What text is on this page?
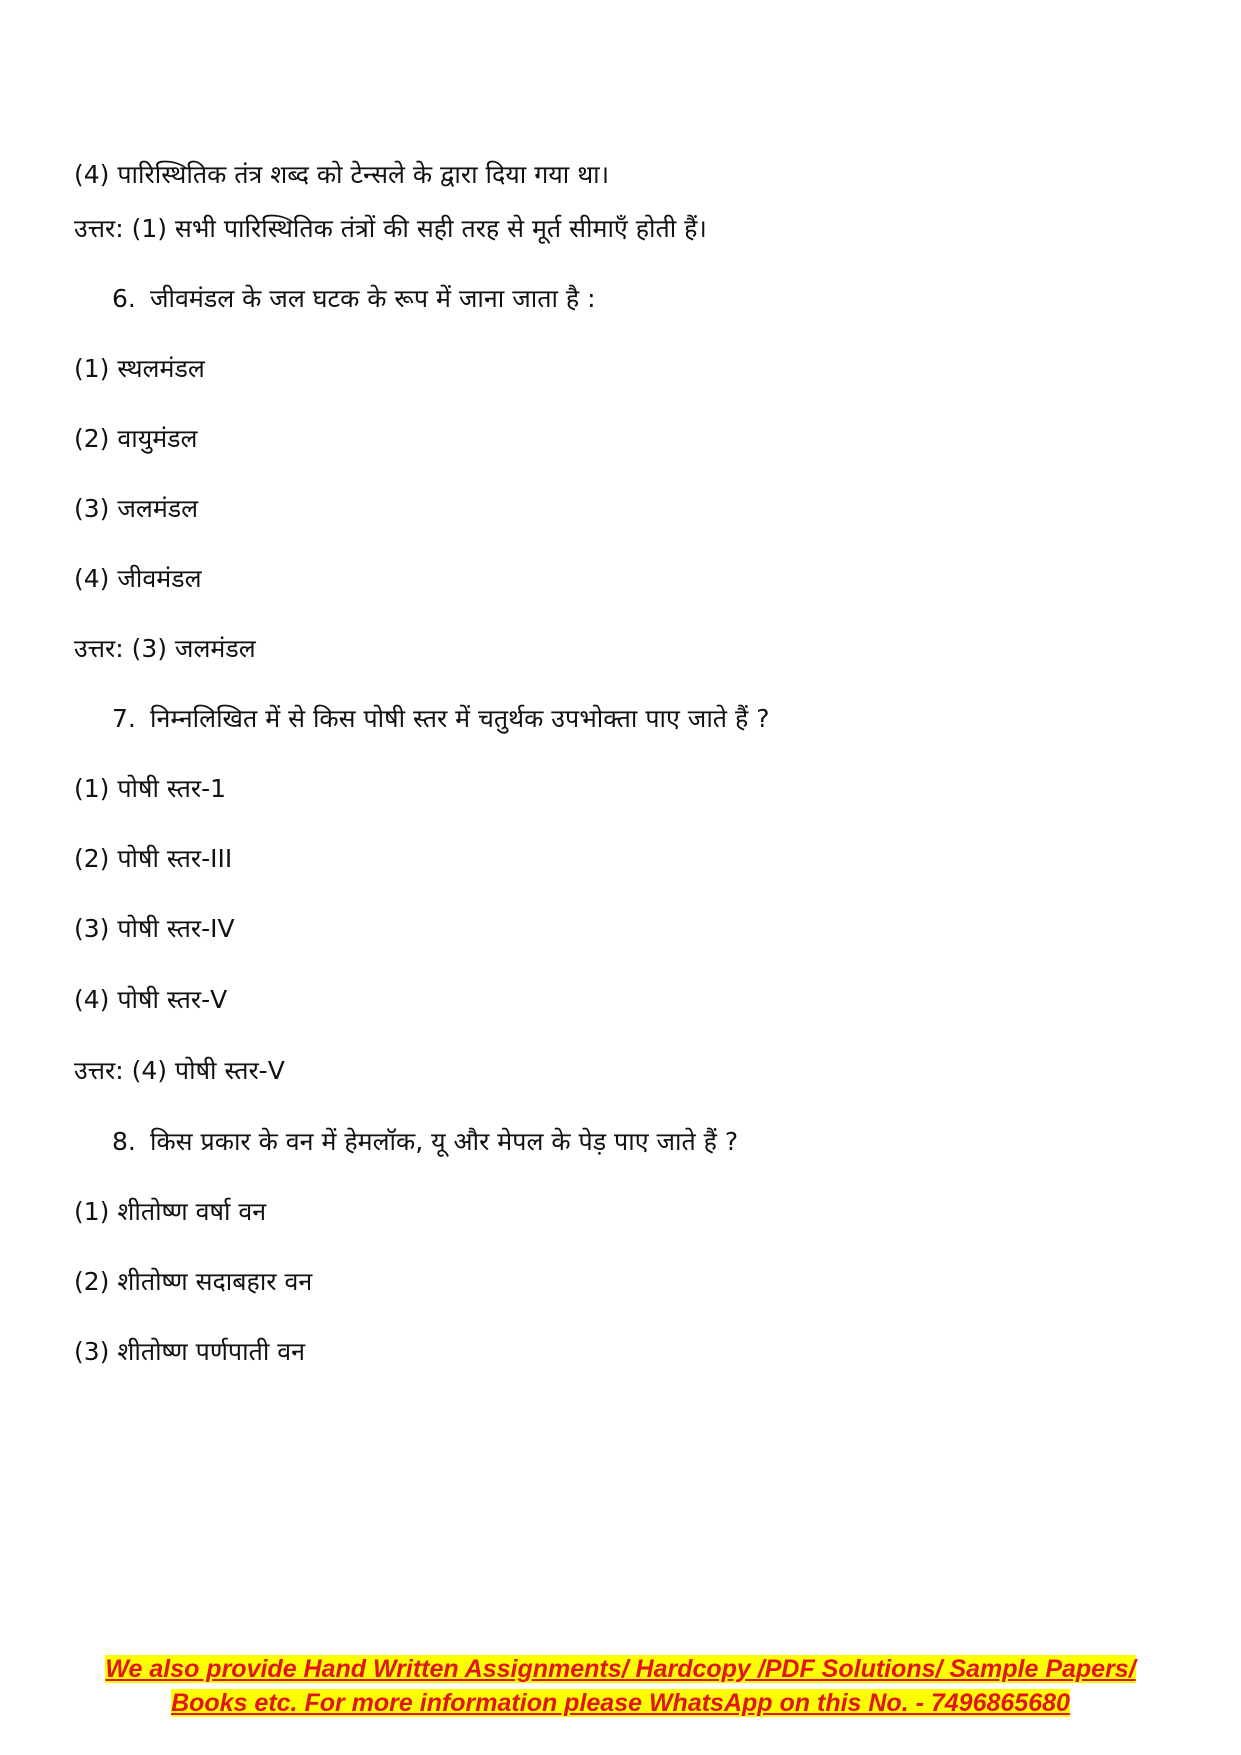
(4) पारिस्थितिक तंत्र शब्द को टेन्सले के द्वारा दिया गया था।
उत्तर: (1) सभी पारिस्थितिक तंत्रों की सही तरह से मूर्त सीमाएँ होती हैं।
6. जीवमंडल के जल घटक के रूप में जाना जाता है :
(1) स्थलमंडल
(2) वायुमंडल
(3) जलमंडल
(4) जीवमंडल
उत्तर: (3) जलमंडल
7. निम्नलिखित में से किस पोषी स्तर में चतुर्थक उपभोक्ता पाए जाते हैं ?
(1) पोषी स्तर-1
(2) पोषी स्तर-III
(3) पोषी स्तर-IV
(4) पोषी स्तर-V
उत्तर: (4) पोषी स्तर-V
8. किस प्रकार के वन में हेमलॉक, यू और मेपल के पेड़ पाए जाते हैं ?
(1) शीतोष्ण वर्षा वन
(2) शीतोष्ण सदाबहार वन
(3) शीतोष्ण पर्णपाती वन
We also provide Hand Written Assignments/ Hardcopy /PDF Solutions/ Sample Papers/
Books etc. For more information please WhatsApp on this No. - 7496865680
